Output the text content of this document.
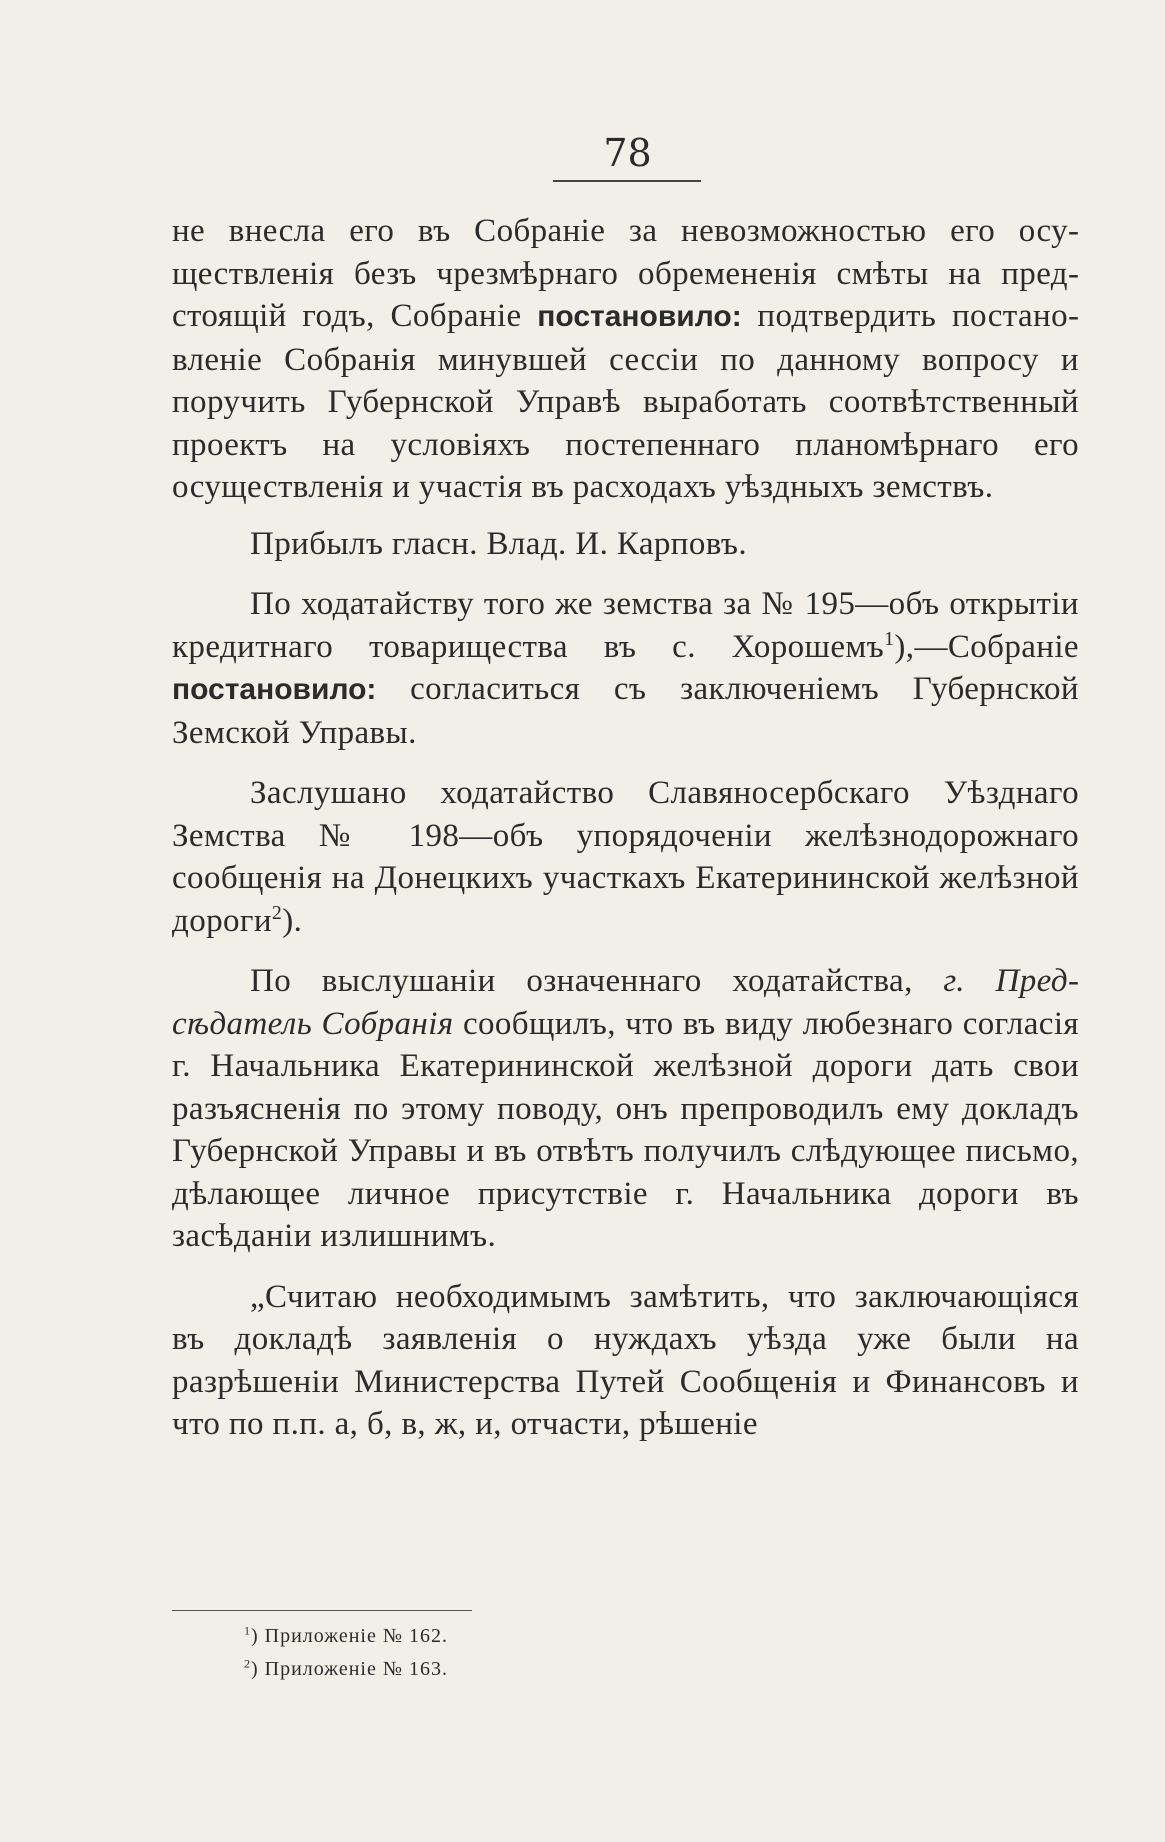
78

не внесла его въ Собраніе за невозможностью его осуществленія безъ чрезмѣрнаго обремененія смѣты на предстоящій годъ, Собраніе постановило: подтвердить постановленіе Собранія минувшей сессіи по данному вопросу и поручить Губернской Управѣ выработать соотвѣтственный проектъ на условіяхъ постепеннаго планомѣрнаго его осуществленія и участія въ расходахъ уѣздныхъ земствъ.

Прибылъ гласн. Влад. И. Карповъ.

По ходатайству того же земства за № 195—объ открытіи кредитнаго товарищества въ с. Хорошемъ$^1$),—Собраніе постановило: согласиться съ заключеніемъ Губернской Земской Управы.

Заслушано ходатайство Славяносербскаго Уѣзднаго Земства № 198—объ упорядоченіи желѣзнодорожнаго сообщенія на Донецкихъ участкахъ Екатерининской желѣзной дороги$^2$).

По выслушаніи означеннаго ходатайства, г. Предсѣдатель Собранія сообщилъ, что въ виду любезнаго согласія г. Начальника Екатерининской желѣзной дороги дать свои разъясненія по этому поводу, онъ препроводилъ ему докладъ Губернской Управы и въ отвѣтъ получилъ слѣдующее письмо, дѣлающее личное присутствіе г. Начальника дороги въ засѣданіи излишнимъ.

„Считаю необходимымъ замѣтить, что заключающіяся въ докладѣ заявленія о нуждахъ уѣзда уже были на разрѣшеніи Министерства Путей Сообщенія и Финансовъ и что по п.п. а, б, в, ж, и, отчасти, рѣшеніе

$^1$) Приложеніе № 162.
$^2$) Приложеніе № 163.
